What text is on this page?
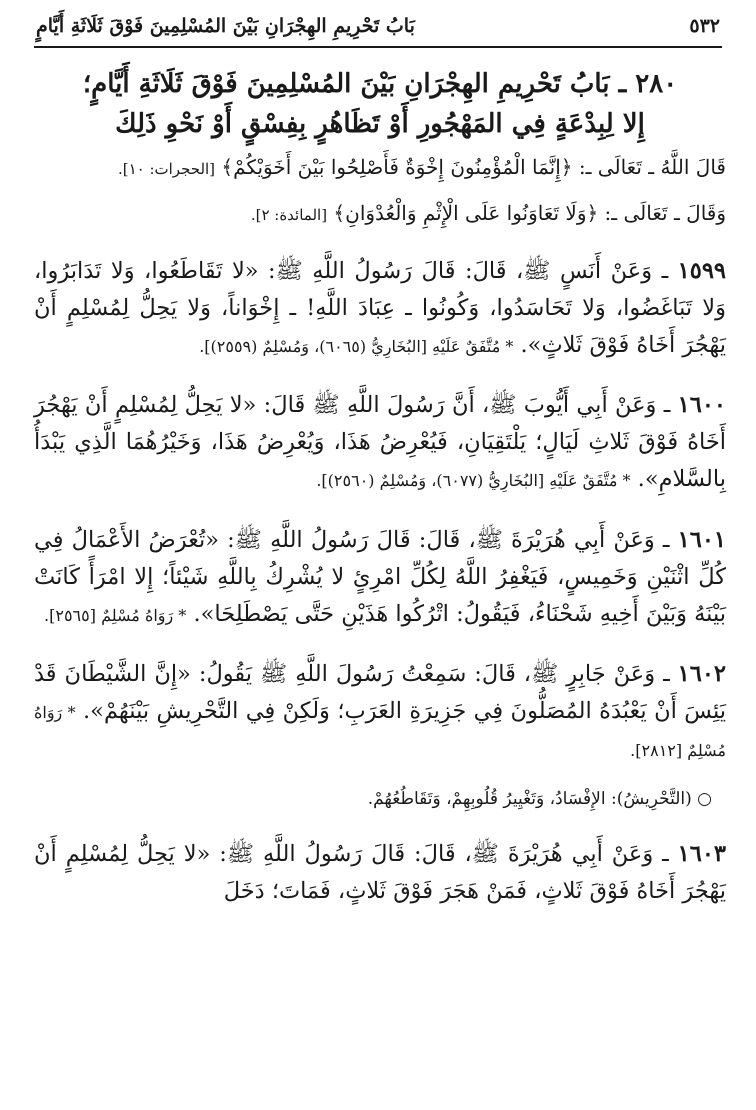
٥٣٢
بَابُ تَحْرِيمِ الهِجْرَانِ بَيْنَ المُسْلِمِينَ فَوْقَ ثَلَاثَةِ أَيَّامٍ
٢٨٠ ـ بَابُ تَحْرِيمِ الهِجْرَانِ بَيْنَ المُسْلِمِينَ فَوْقَ ثَلَاثَةِ أَيَّامٍ؛
إِلا لِبِدْعَةٍ فِي المَهْجُورِ أَوْ تَظَاهُرٍ بِفِسْقٍ أَوْ نَحْوِ ذَلِكَ
قَالَ اللَّهُ ـ تَعَالَى ـ: ﴿إِنَّمَا الْمُؤْمِنُونَ إِخْوَةٌ فَأَصْلِحُوا بَيْنَ أَخَوَيْكُمْ﴾ [الحجرات: ١٠].
وَقَالَ ـ تَعَالَى ـ: ﴿وَلَا تَعَاوَنُوا عَلَى الْإِثْمِ وَالْعُدْوَانِ﴾ [المائدة: ٢].

١٥٩٩ ـ وَعَنْ أَنَسٍ ﷺ، قَالَ: قَالَ رَسُولُ اللَّهِ ﷺ: «لا تَقَاطَعُوا، وَلا تَدَابَرُوا، وَلا تَبَاغَضُوا، وَلا تَحَاسَدُوا، وَكُونُوا ـ عِبَادَ اللَّهِ! ـ إِخْوَاناً، وَلا يَحِلُّ لِمُسْلِمٍ أَنْ يَهْجُرَ أَخَاهُ فَوْقَ ثَلاثٍ». * مُتَّفَقٌ عَلَيْهِ [البُخَارِيُّ (٦٠٦٥)، وَمُسْلِمٌ (٢٥٥٩)].

١٦٠٠ ـ وَعَنْ أَبِي أَيُّوبَ ﷺ، أَنَّ رَسُولَ اللَّهِ ﷺ قَالَ: «لا يَحِلُّ لِمُسْلِمٍ أَنْ يَهْجُرَ أَخَاهُ فَوْقَ ثَلاثِ لَيَالٍ؛ يَلْتَقِيَانِ، فَيُعْرِضُ هَذَا، وَيُعْرِضُ هَذَا، وَخَيْرُهُمَا الَّذِي يَبْدَأُ بِالسَّلامِ». * مُتَّفَقٌ عَلَيْهِ [البُخَارِيُّ (٦٠٧٧)، وَمُسْلِمٌ (٢٥٦٠)].

١٦٠١ ـ وَعَنْ أَبِي هُرَيْرَةَ ﷺ، قَالَ: قَالَ رَسُولُ اللَّهِ ﷺ: «تُعْرَضُ الأَعْمَالُ فِي كُلِّ اثْنَيْنِ وَخَمِيسٍ، فَيَغْفِرُ اللَّهُ لِكُلِّ امْرِئٍ لا يُشْرِكُ بِاللَّهِ شَيْئاً؛ إِلا امْرَأً كَانَتْ بَيْنَهُ وَبَيْنَ أَخِيهِ شَحْنَاءُ، فَيَقُولُ: اتْرُكُوا هَذَيْنِ حَتَّى يَصْطَلِحَا». * رَوَاهُ مُسْلِمٌ [٢٥٦٥].

١٦٠٢ ـ وَعَنْ جَابِرٍ ﷺ، قَالَ: سَمِعْتُ رَسُولَ اللَّهِ ﷺ يَقُولُ: «إِنَّ الشَّيْطَانَ قَدْ يَئِسَ أَنْ يَعْبُدَهُ المُصَلُّونَ فِي جَزِيرَةِ العَرَبِ؛ وَلَكِنْ فِي التَّحْرِيشِ بَيْنَهُمْ». * رَوَاهُ مُسْلِمٌ [٢٨١٢].

○ (التَّحْرِيشُ): الإِفْسَادُ، وَتَغْيِيرُ قُلُوبِهِمْ، وَتَقَاطُعُهُمْ.

١٦٠٣ ـ وَعَنْ أَبِي هُرَيْرَةَ ﷺ، قَالَ: قَالَ رَسُولُ اللَّهِ ﷺ: «لا يَحِلُّ لِمُسْلِمٍ أَنْ يَهْجُرَ أَخَاهُ فَوْقَ ثَلاثٍ، فَمَنْ هَجَرَ فَوْقَ ثَلاثٍ، فَمَاتَ؛ دَخَلَ
